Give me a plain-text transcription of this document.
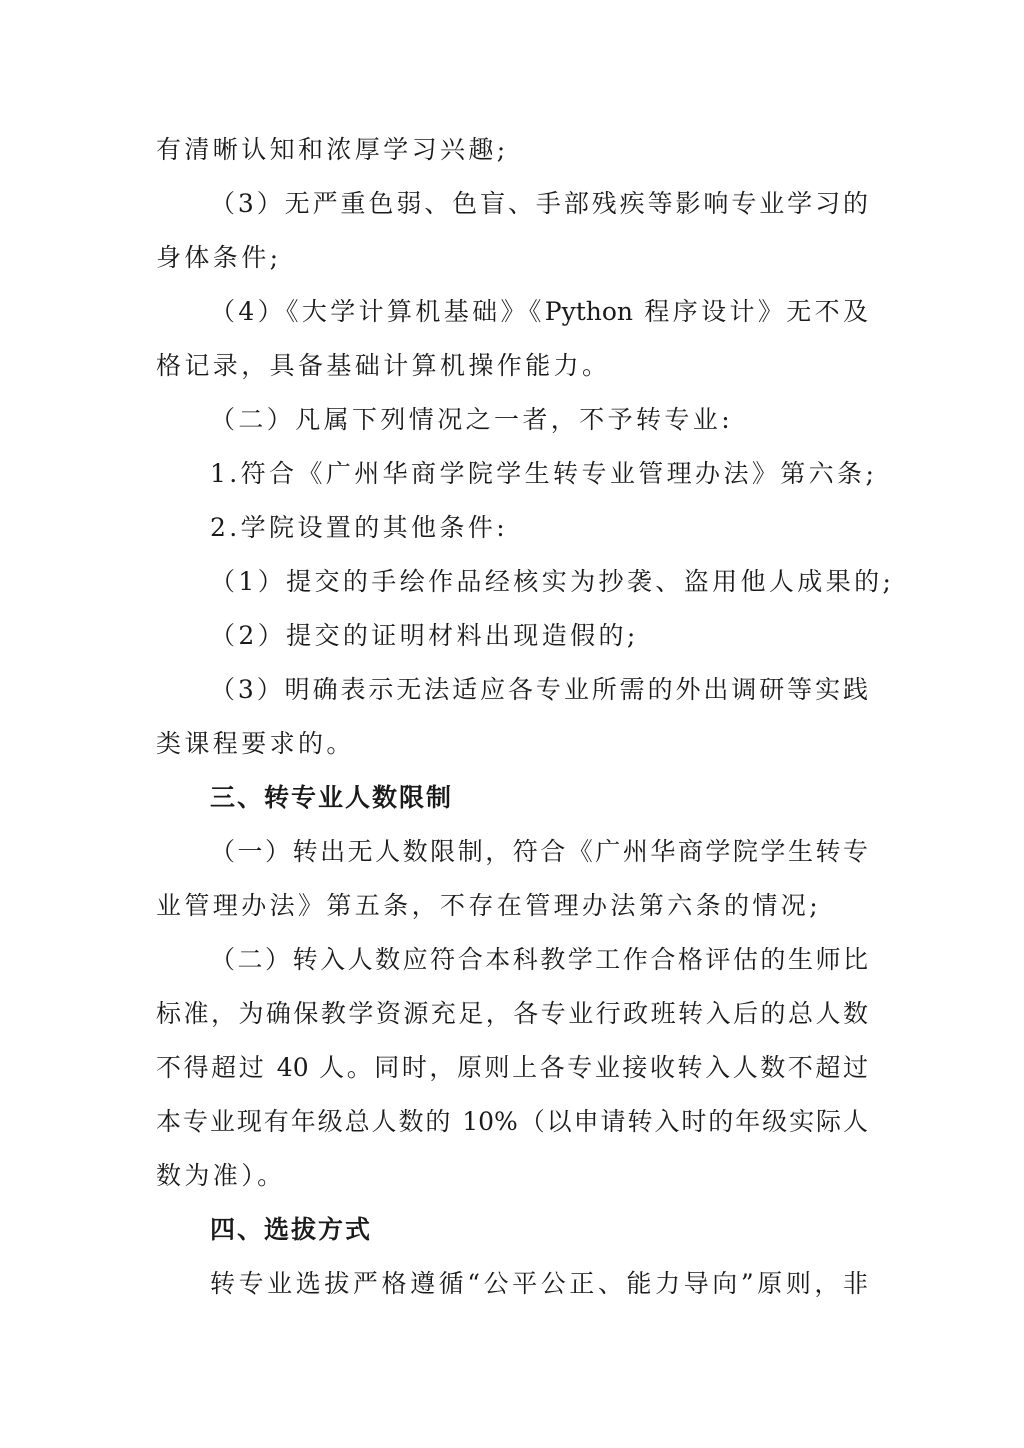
有清晰认知和浓厚学习兴趣;
（3）无严重色弱、色盲、手部残疾等影响专业学习的
身体条件;
（4）《大学计算机基础》《Python 程序设计》无不及
格记录，具备基础计算机操作能力。
（二）凡属下列情况之一者，不予转专业:
1.符合《广州华商学院学生转专业管理办法》第六条;
2.学院设置的其他条件:
（1）提交的手绘作品经核实为抄袭、盗用他人成果的;
（2）提交的证明材料出现造假的;
（3）明确表示无法适应各专业所需的外出调研等实践
类课程要求的。
三、转专业人数限制
（一）转出无人数限制，符合《广州华商学院学生转专
业管理办法》第五条，不存在管理办法第六条的情况;
（二）转入人数应符合本科教学工作合格评估的生师比
标准，为确保教学资源充足，各专业行政班转入后的总人数
不得超过 40 人。同时，原则上各专业接收转入人数不超过
本专业现有年级总人数的 10%（以申请转入时的年级实际人
数为准）。
四、选拔方式
转专业选拔严格遵循“公平公正、能力导向”原则，非
